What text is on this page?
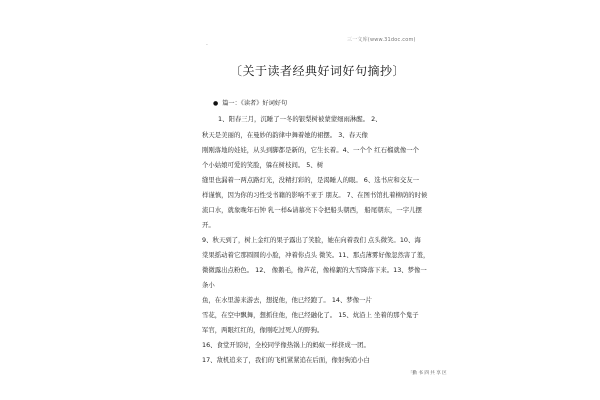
三一文库(www.31doc.com)
·
〔关于读者经典好词好句摘抄〕
● 篇一：《读者》好词好句
1、阳春三月，沉睡了一冬的银梨树被蒙蒙细雨淋醒。 2、
秋天是美丽的，在曼妙的韵律中舞着她的裙摆。 3、春天像
刚刚落地的娃娃，从头到脚都是新的，它生长着。4、一个个 红石榴就像一个
个小姑娘可爱的笑脸，躲在树枝间。 5、树
缝里也漏着一两点路灯光，没精打彩的，是渴睡人的眼。 6、选书应和交友一
样谨慎，因为你的习性受书籍的影响不亚于 朋友。 7、在图书馆扎着柳荫的时候
流口水，就象晚年石钟 乳一样&请慕亮下令把船头朝西， 船尾朝东，一字儿摆
开。
9、秋天到了，树上金红的果子露出了笑脸，她在向着我们 点头微笑。10、海
棠果摇动着它那圆圆的小脸，冲着你点头 微笑。11、那点薄雾好像忽然害了羞，
微微露出点粉色。 12、 像鹅毛，像芦花，像棉絮的大雪降落下来。13、梦像一
条小
鱼，在水里游来游去，想捉他，他已经跑了。 14、梦像一片
雪花，在空中飘舞，想抓住他，他已经融化了。 15、炕沿上 坐着的那个鬼子
军官，两眼红红的，像刚吃过死人的野狗。
16、食堂开饭时，全校同学像热锅上的蚂蚁一样挤成一团。
17、敌机追来了，我们的飞机紧紧追在后面，像射狗追小白
「勤 书 四 共 享 区
